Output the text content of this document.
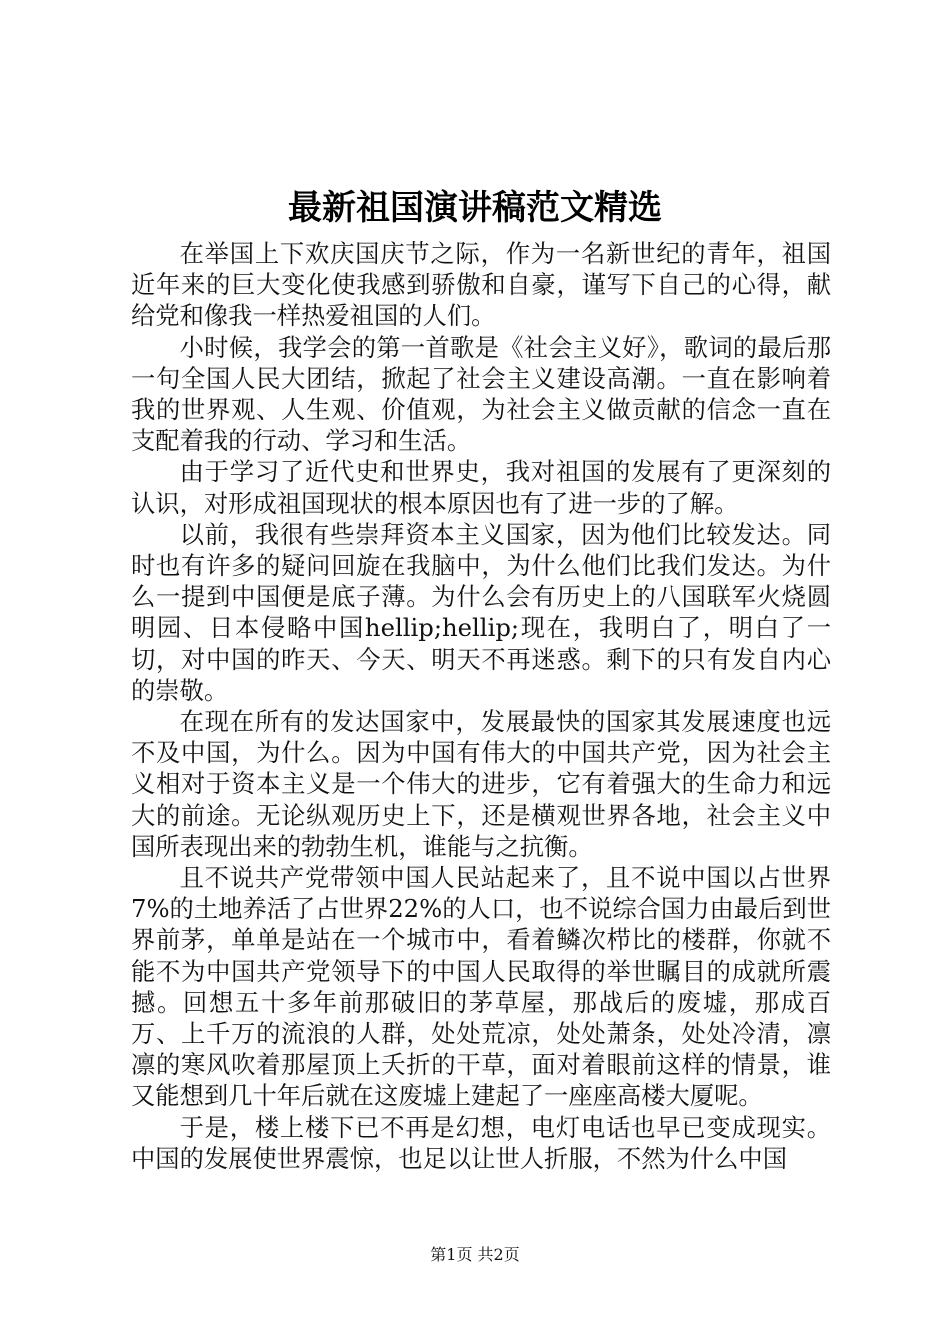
最新祖国演讲稿范文精选

在举国上下欢庆国庆节之际，作为一名新世纪的青年，祖国近年来的巨大变化使我感到骄傲和自豪，谨写下自己的心得，献给党和像我一样热爱祖国的人们。

小时候，我学会的第一首歌是《社会主义好》，歌词的最后那一句全国人民大团结，掀起了社会主义建设高潮。一直在影响着我的世界观、人生观、价值观，为社会主义做贡献的信念一直在支配着我的行动、学习和生活。

由于学习了近代史和世界史，我对祖国的发展有了更深刻的认识，对形成祖国现状的根本原因也有了进一步的了解。

以前，我很有些崇拜资本主义国家，因为他们比较发达。同时也有许多的疑问回旋在我脑中，为什么他们比我们发达。为什么一提到中国便是底子薄。为什么会有历史上的八国联军火烧圆明园、日本侵略中国hellip;hellip;现在，我明白了，明白了一切，对中国的昨天、今天、明天不再迷惑。剩下的只有发自内心的崇敬。

在现在所有的发达国家中，发展最快的国家其发展速度也远不及中国，为什么。因为中国有伟大的中国共产党，因为社会主义相对于资本主义是一个伟大的进步，它有着强大的生命力和远大的前途。无论纵观历史上下，还是横观世界各地，社会主义中国所表现出来的勃勃生机，谁能与之抗衡。

且不说共产党带领中国人民站起来了，且不说中国以占世界7%的土地养活了占世界22%的人口，也不说综合国力由最后到世界前茅，单单是站在一个城市中，看着鳞次栉比的楼群，你就不能不为中国共产党领导下的中国人民取得的举世瞩目的成就所震撼。回想五十多年前那破旧的茅草屋，那战后的废墟，那成百万、上千万的流浪的人群，处处荒凉，处处萧条，处处冷清，凛凛的寒风吹着那屋顶上夭折的干草，面对着眼前这样的情景，谁又能想到几十年后就在这废墟上建起了一座座高楼大厦呢。

于是，楼上楼下已不再是幻想，电灯电话也早已变成现实。中国的发展使世界震惊，也足以让世人折服，不然为什么中国

第1页 共2页
